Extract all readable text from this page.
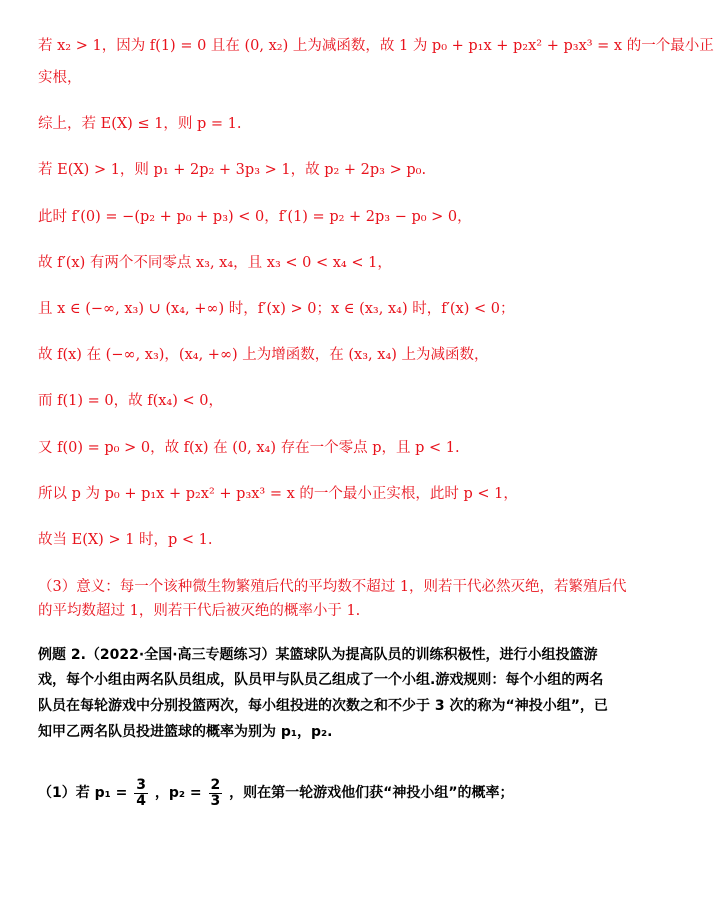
若 x₂ > 1，因为 f(1) = 0 且在 (0, x₂) 上为减函数，故 1 为 p₀ + p₁x + p₂x² + p₃x³ = x 的一个最小正
实根，
综上，若 E(X) ≤ 1，则 p = 1.
若 E(X) > 1，则 p₁ + 2p₂ + 3p₃ > 1，故 p₂ + 2p₃ > p₀.
此时 f′(0) = −(p₂ + p₀ + p₃) < 0，f′(1) = p₂ + 2p₃ − p₀ > 0，
故 f′(x) 有两个不同零点 x₃, x₄，且 x₃ < 0 < x₄ < 1，
且 x ∈ (−∞, x₃) ∪ (x₄, +∞) 时，f′(x) > 0；x ∈ (x₃, x₄) 时，f′(x) < 0；
故 f(x) 在 (−∞, x₃)，(x₄, +∞) 上为增函数，在 (x₃, x₄) 上为减函数，
而 f(1) = 0，故 f(x₄) < 0，
又 f(0) = p₀ > 0，故 f(x) 在 (0, x₄) 存在一个零点 p，且 p < 1.
所以 p 为 p₀ + p₁x + p₂x² + p₃x³ = x 的一个最小正实根，此时 p < 1，
故当 E(X) > 1 时，p < 1.
（3）意义：每一个该种微生物繁殖后代的平均数不超过 1，则若干代必然灭绝，若繁殖后代
的平均数超过 1，则若干代后被灭绝的概率小于 1.
例题 2.（2022·全国·高三专题练习）某篮球队为提高队员的训练积极性，进行小组投篮游
戏，每个小组由两名队员组成，队员甲与队员乙组成了一个小组.游戏规则：每个小组的两名
队员在每轮游戏中分别投篮两次，每小组投进的次数之和不少于 3 次的称为“神投小组”，已
知甲乙两名队员投进篮球的概率为别为 p₁，p₂.
（1）若 $p_1 = \frac{3}{4}$ ，$p_2 = \frac{2}{3}$ ，则在第一轮游戏他们获“神投小组”的概率；
